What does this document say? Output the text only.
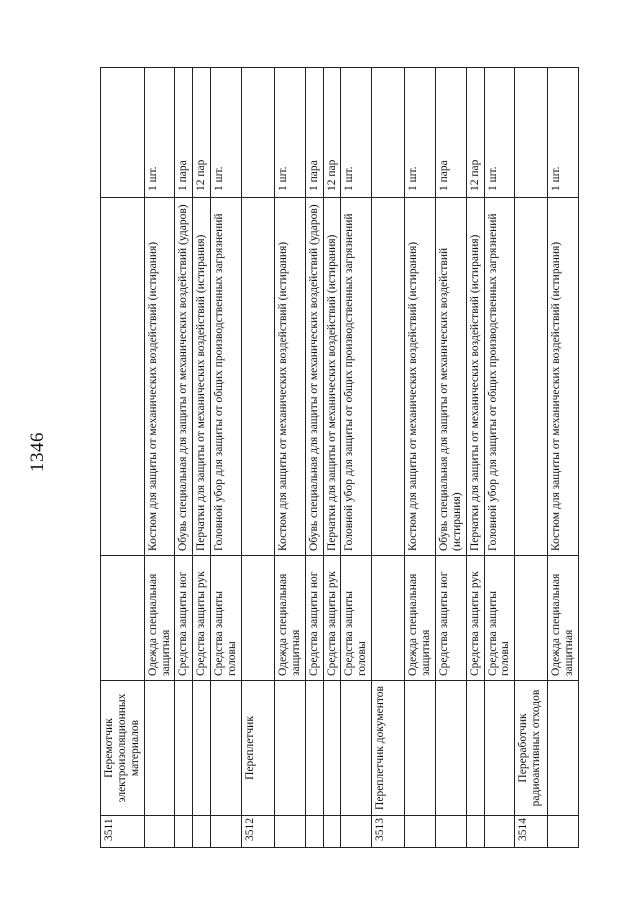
1346
3511	Перемотчик электроизоляционных материалов			
		Одежда специальная защитная	Костюм для защиты от механических воздействий (истирания)	1 шт.
		Средства защиты ног	Обувь специальная для защиты от механических воздействий (ударов)	1 пара
		Средства защиты рук	Перчатки для защиты от механических воздействий (истирания)	12 пар
		Средства защиты головы	Головной убор для защиты от общих производственных загрязнений	1 шт.
3512	Переплетчик			
		Одежда специальная защитная	Костюм для защиты от механических воздействий (истирания)	1 шт.
		Средства защиты ног	Обувь специальная для защиты от механических воздействий (ударов)	1 пара
		Средства защиты рук	Перчатки для защиты от механических воздействий (истирания)	12 пар
		Средства защиты головы	Головной убор для защиты от общих производственных загрязнений	1 шт.
3513	Переплетчик документов			
		Одежда специальная защитная	Костюм для защиты от механических воздействий (истирания)	1 шт.
		Средства защиты ног	Обувь специальная для защиты от механических воздействий (истирания)	1 пара
		Средства защиты рук	Перчатки для защиты от механических воздействий (истирания)	12 пар
		Средства защиты головы	Головной убор для защиты от общих производственных загрязнений	1 шт.
3514	Переработчик радиоактивных отходов			
		Одежда специальная защитная	Костюм для защиты от механических воздействий (истирания)	1 шт.
